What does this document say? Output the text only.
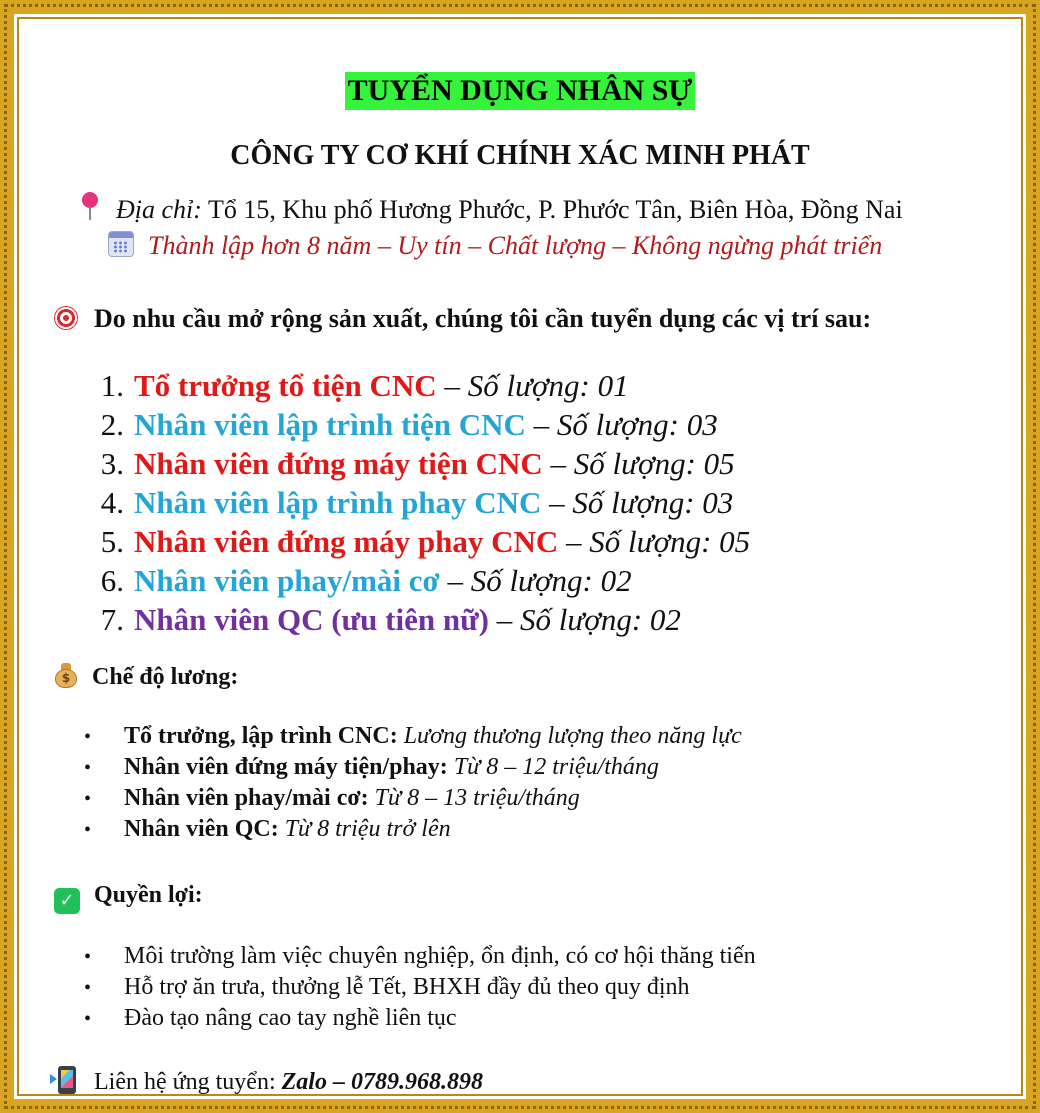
TUYỂN DỤNG NHÂN SỰ
CÔNG TY CƠ KHÍ CHÍNH XÁC MINH PHÁT
Địa chỉ: Tổ 15, Khu phố Hương Phước, P. Phước Tân, Biên Hòa, Đồng Nai
Thành lập hơn 8 năm – Uy tín – Chất lượng – Không ngừng phát triển
Do nhu cầu mở rộng sản xuất, chúng tôi cần tuyển dụng các vị trí sau:
1. Tổ trưởng tổ tiện CNC – Số lượng: 01
2. Nhân viên lập trình tiện CNC – Số lượng: 03
3. Nhân viên đứng máy tiện CNC – Số lượng: 05
4. Nhân viên lập trình phay CNC – Số lượng: 03
5. Nhân viên đứng máy phay CNC – Số lượng: 05
6. Nhân viên phay/mài cơ – Số lượng: 02
7. Nhân viên QC (ưu tiên nữ) – Số lượng: 02
$ Chế độ lương:
• Tổ trưởng, lập trình CNC: Lương thương lượng theo năng lực
• Nhân viên đứng máy tiện/phay: Từ 8 – 12 triệu/tháng
• Nhân viên phay/mài cơ: Từ 8 – 13 triệu/tháng
• Nhân viên QC: Từ 8 triệu trở lên
✓ Quyền lợi:
• Môi trường làm việc chuyên nghiệp, ổn định, có cơ hội thăng tiến
• Hỗ trợ ăn trưa, thưởng lễ Tết, BHXH đầy đủ theo quy định
• Đào tạo nâng cao tay nghề liên tục
Liên hệ ứng tuyển: Zalo – 0789.968.898
